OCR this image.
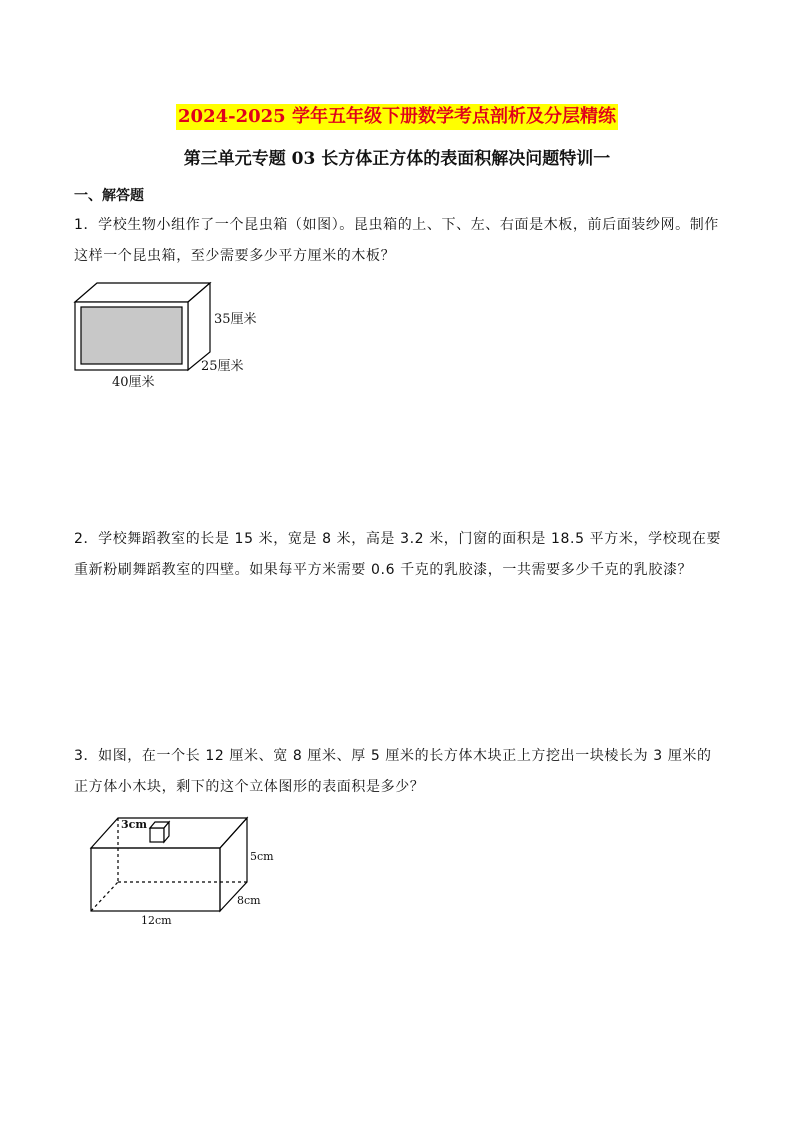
2024-2025 学年五年级下册数学考点剖析及分层精练
第三单元专题 03 长方体正方体的表面积解决问题特训一
一、解答题
1．学校生物小组作了一个昆虫箱（如图）。昆虫箱的上、下、左、右面是木板，前后面装纱网。制作这样一个昆虫箱，至少需要多少平方厘米的木板？
35厘米
25厘米
40厘米
2．学校舞蹈教室的长是 15 米，宽是 8 米，高是 3.2 米，门窗的面积是 18.5 平方米，学校现在要重新粉刷舞蹈教室的四壁。如果每平方米需要 0.6 千克的乳胶漆，一共需要多少千克的乳胶漆？
3．如图，在一个长 12 厘米、宽 8 厘米、厚 5 厘米的长方体木块正上方挖出一块棱长为 3 厘米的正方体小木块，剩下的这个立体图形的表面积是多少？
3cm
5cm
8cm
12cm
